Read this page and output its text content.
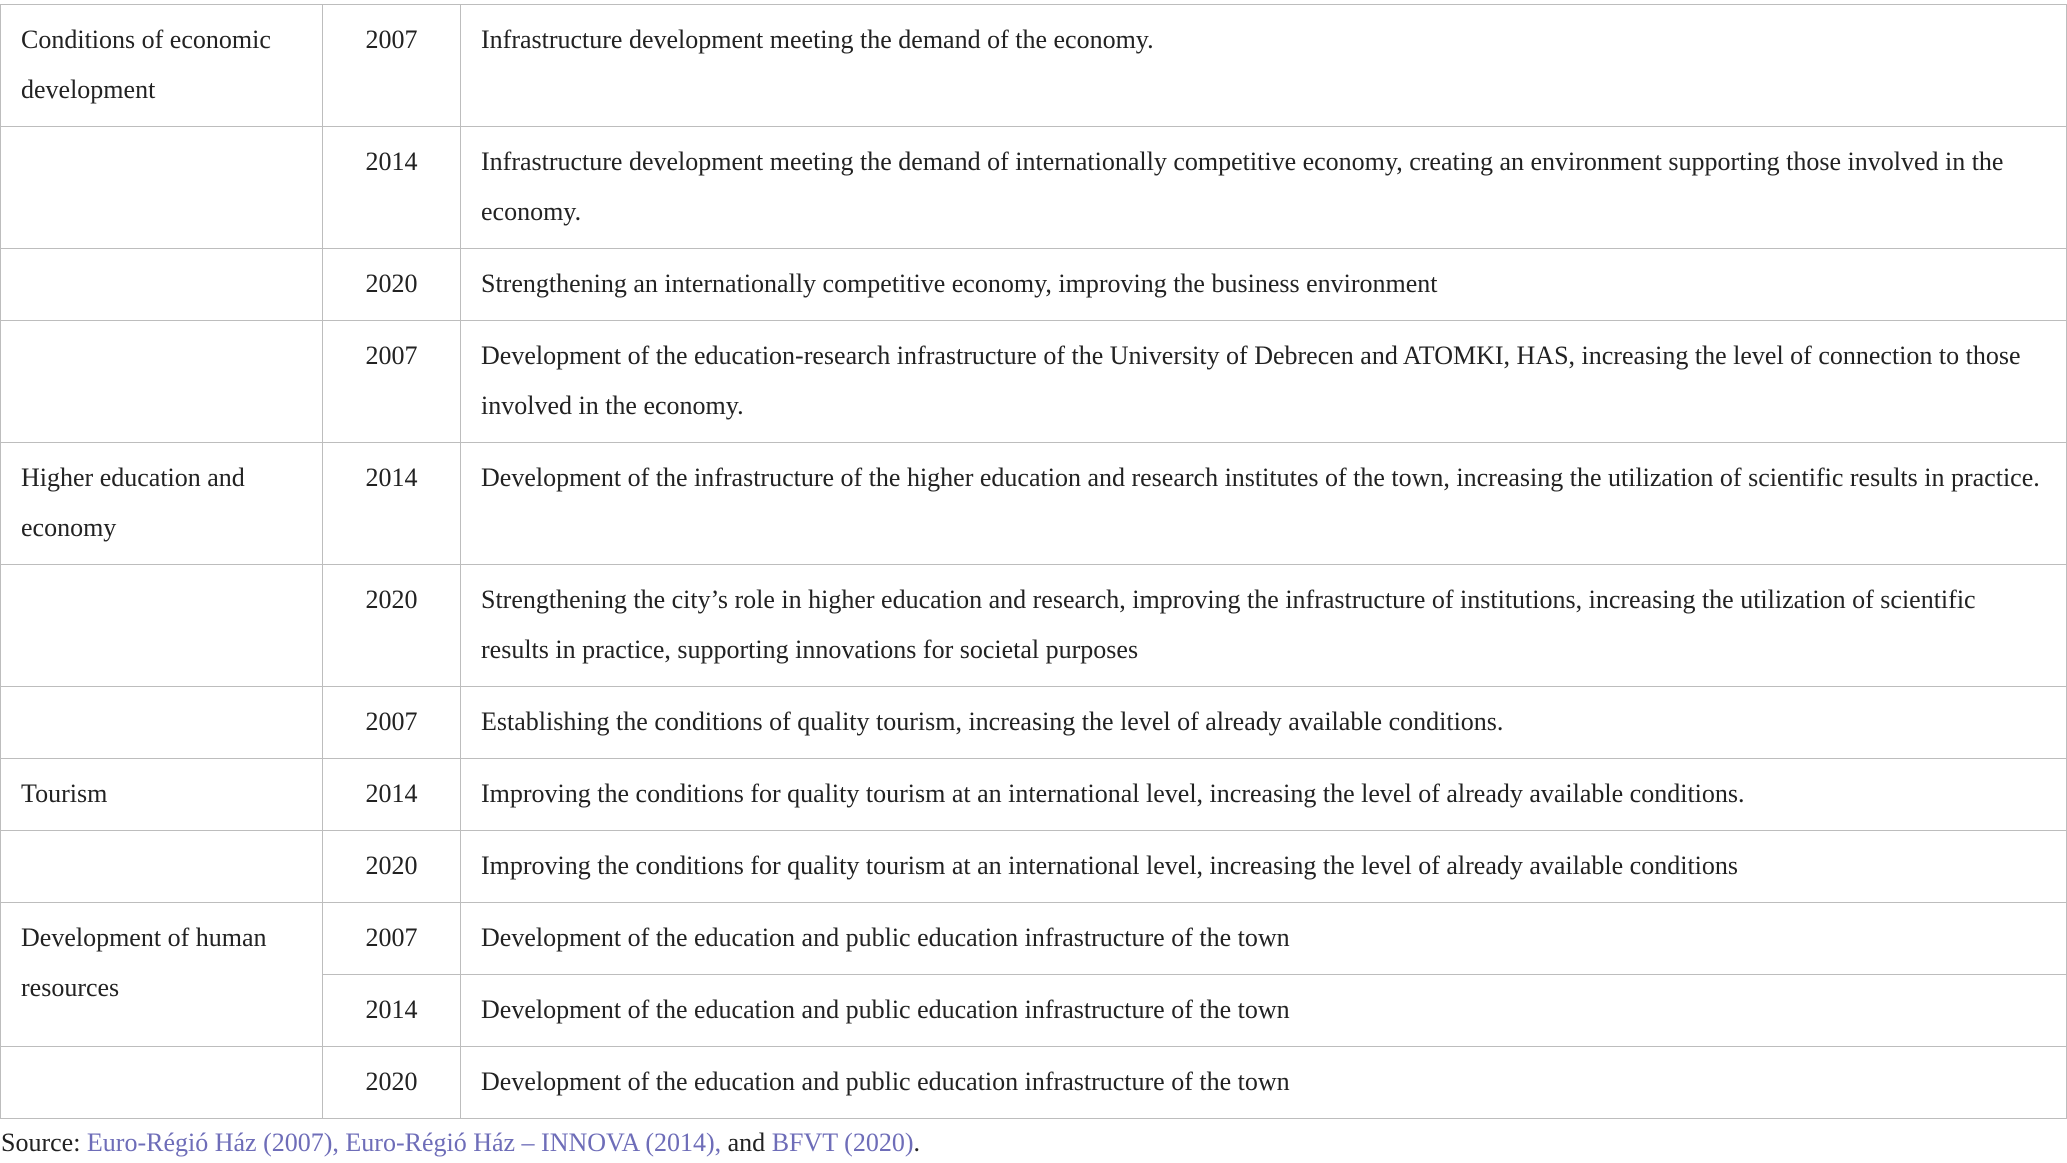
Conditions of economic development	2007	Infrastructure development meeting the demand of the economy.
	2014	Infrastructure development meeting the demand of internationally competitive economy, creating an environment supporting those involved in the economy.
	2020	Strengthening an internationally competitive economy, improving the business environment
	2007	Development of the education-research infrastructure of the University of Debrecen and ATOMKI, HAS, increasing the level of connection to those involved in the economy.
Higher education and economy	2014	Development of the infrastructure of the higher education and research institutes of the town, increasing the utilization of scientific results in practice.
	2020	Strengthening the city’s role in higher education and research, improving the infrastructure of institutions, increasing the utilization of scientific results in practice, supporting innovations for societal purposes
	2007	Establishing the conditions of quality tourism, increasing the level of already available conditions.
Tourism	2014	Improving the conditions for quality tourism at an international level, increasing the level of already available conditions.
	2020	Improving the conditions for quality tourism at an international level, increasing the level of already available conditions
Development of human resources	2007	Development of the education and public education infrastructure of the town
	2014	Development of the education and public education infrastructure of the town
	2020	Development of the education and public education infrastructure of the town
Source: Euro-Régió Ház (2007), Euro-Régió Ház – INNOVA (2014), and BFVT (2020).
